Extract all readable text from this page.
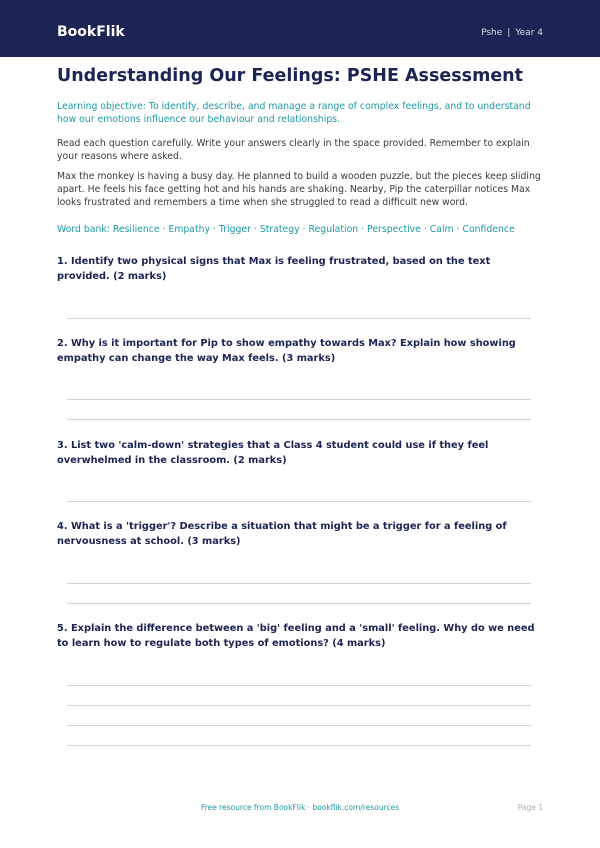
BookFlik	Pshe | Year 4
Understanding Our Feelings: PSHE Assessment
Learning objective: To identify, describe, and manage a range of complex feelings, and to understand how our emotions influence our behaviour and relationships.
Read each question carefully. Write your answers clearly in the space provided. Remember to explain your reasons where asked.
Max the monkey is having a busy day. He planned to build a wooden puzzle, but the pieces keep sliding apart. He feels his face getting hot and his hands are shaking. Nearby, Pip the caterpillar notices Max looks frustrated and remembers a time when she struggled to read a difficult new word.
Word bank: Resilience · Empathy · Trigger · Strategy · Regulation · Perspective · Calm · Confidence
1. Identify two physical signs that Max is feeling frustrated, based on the text provided. (2 marks)
2. Why is it important for Pip to show empathy towards Max? Explain how showing empathy can change the way Max feels. (3 marks)
3. List two 'calm-down' strategies that a Class 4 student could use if they feel overwhelmed in the classroom. (2 marks)
4. What is a 'trigger'? Describe a situation that might be a trigger for a feeling of nervousness at school. (3 marks)
5. Explain the difference between a 'big' feeling and a 'small' feeling. Why do we need to learn how to regulate both types of emotions? (4 marks)
Free resource from BookFlik · bookflik.com/resources	Page 1
